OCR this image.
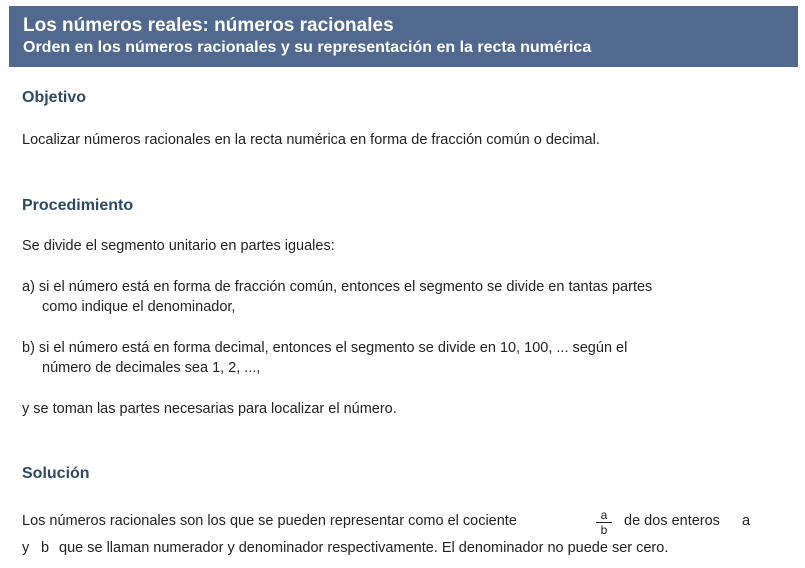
Los números reales: números racionales
Orden en los números racionales y su representación en la recta numérica
Objetivo
Localizar números racionales en la recta numérica en forma de fracción común o decimal.
Procedimiento
Se divide el segmento unitario en partes iguales:
a) si el número está en forma de fracción común, entonces el segmento se divide en tantas partes
como indique el denominador,
b) si el número está en forma decimal, entonces el segmento se divide en 10, 100, ... según el
número de decimales sea 1, 2, ...,
y se toman las partes necesarias para localizar el número.
Solución
Los números racionales son los que se pueden representar como el cociente	$\frac{a}{b}$ de dos enteros a
y b que se llaman numerador y denominador respectivamente. El denominador no puede ser cero.
